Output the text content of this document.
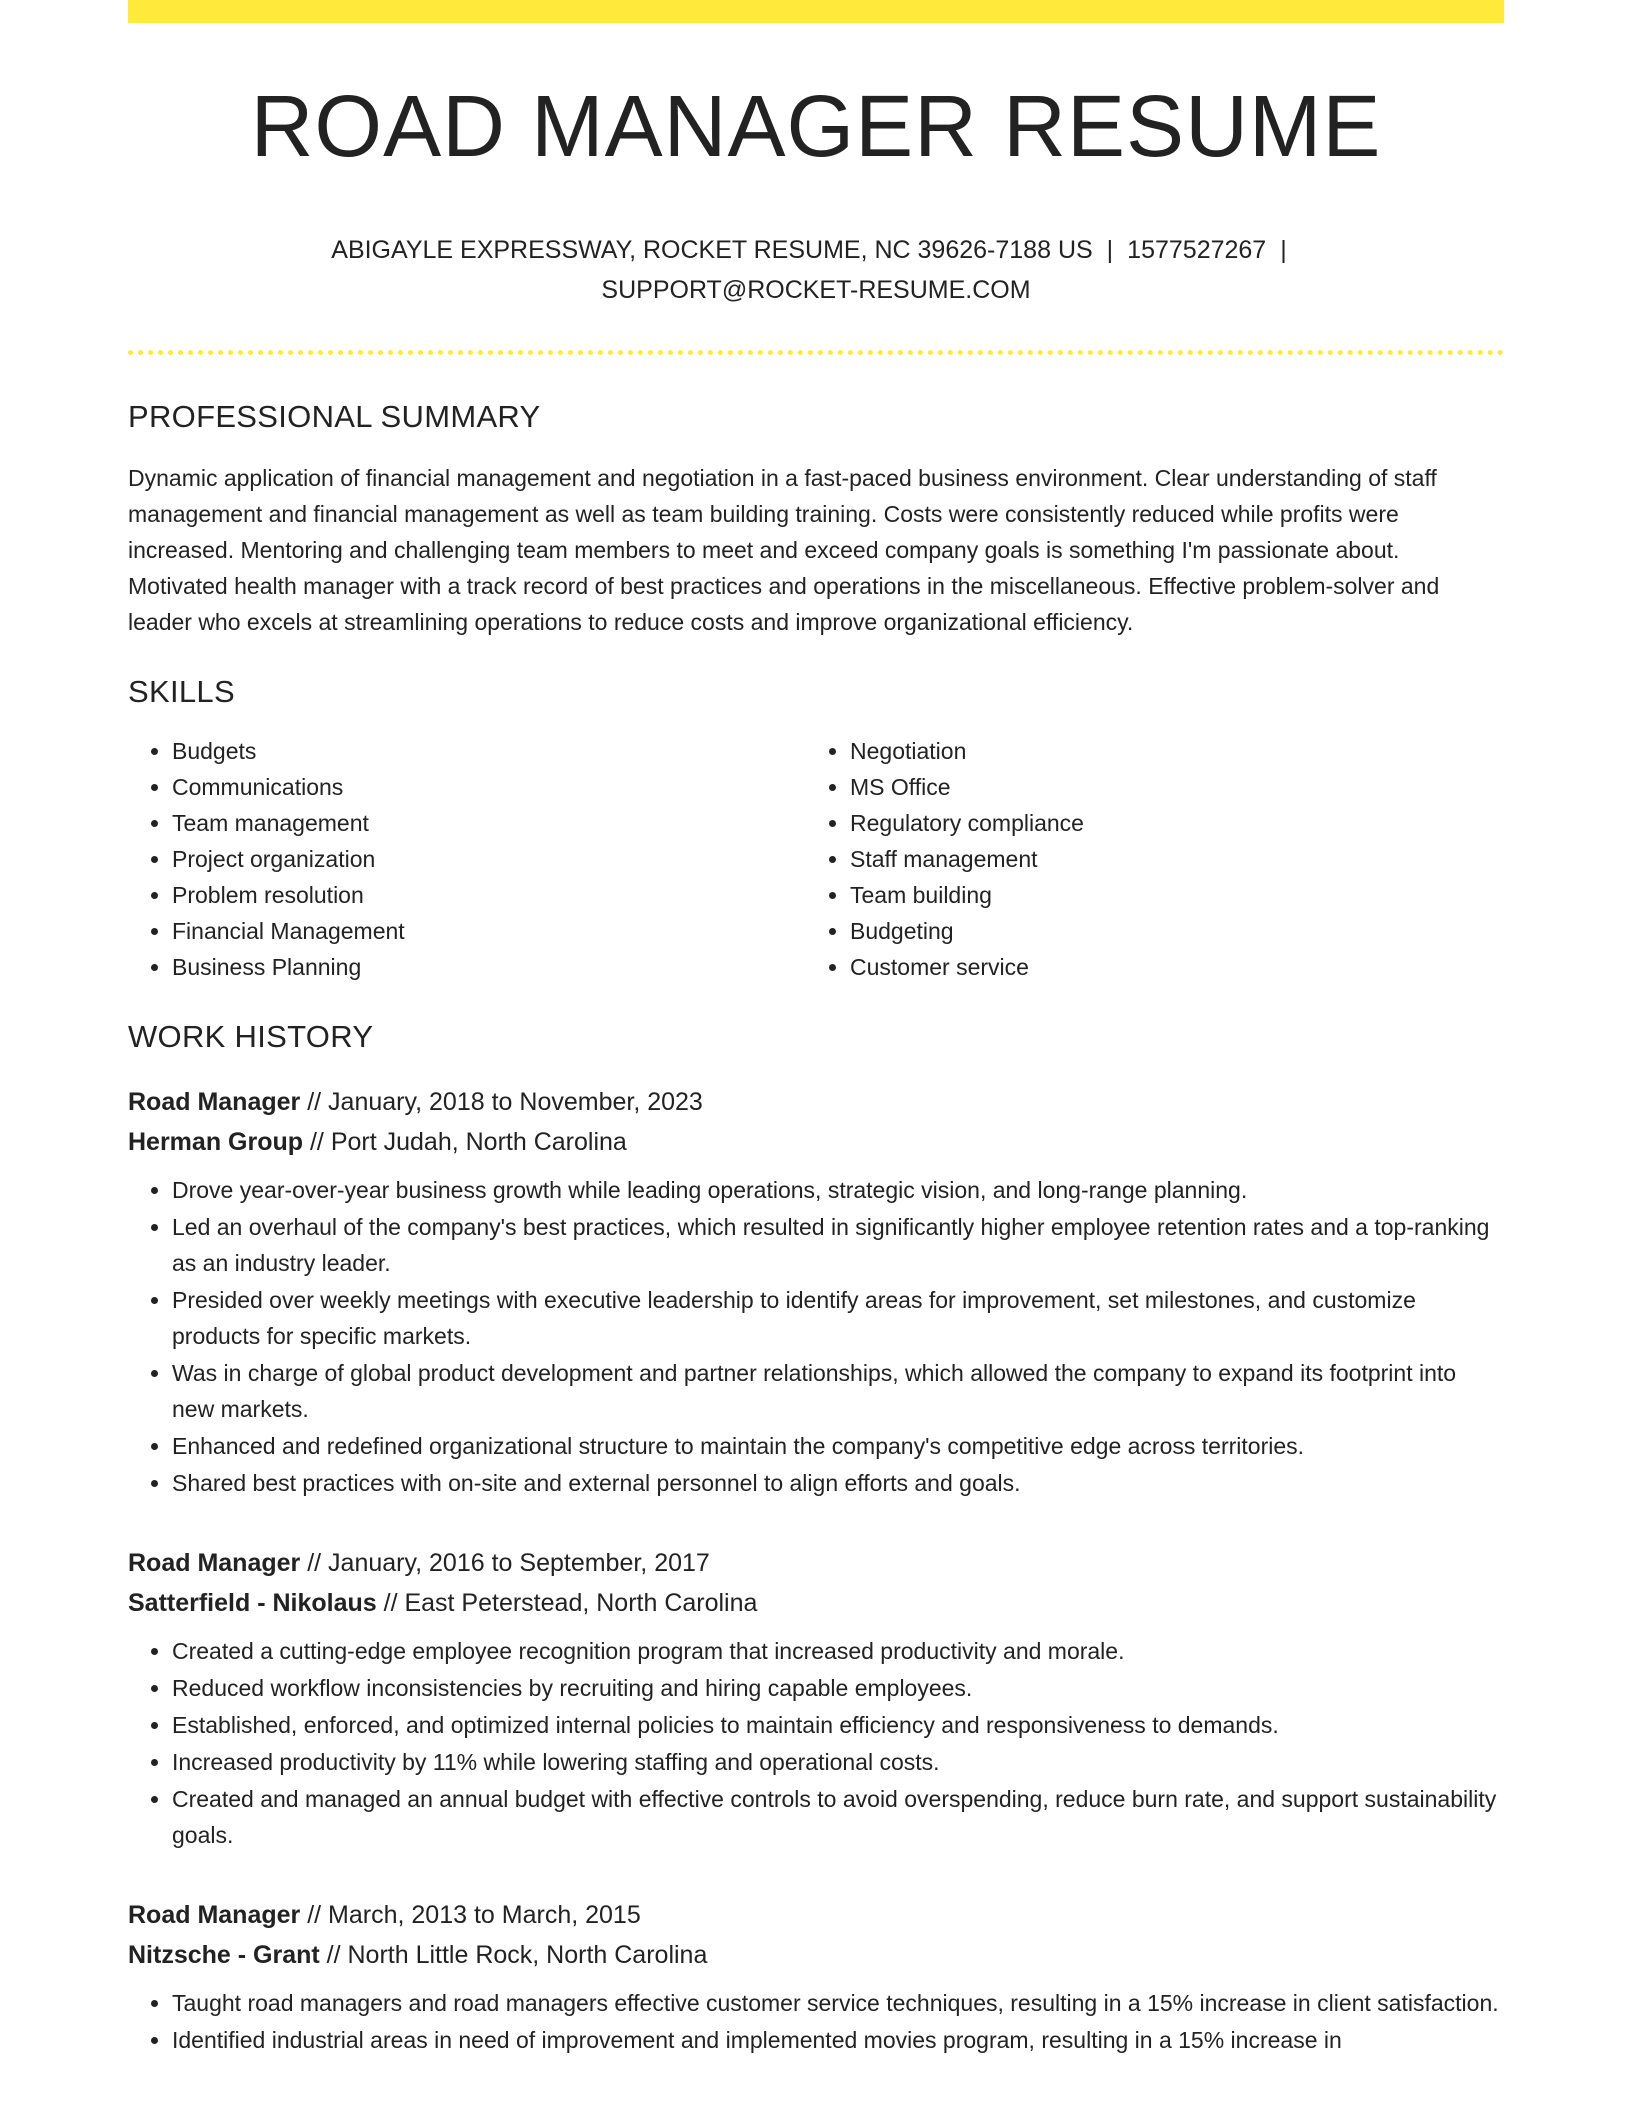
ROAD MANAGER RESUME
ABIGAYLE EXPRESSWAY, ROCKET RESUME, NC 39626-7188 US | 1577527267 |
SUPPORT@ROCKET-RESUME.COM
PROFESSIONAL SUMMARY
Dynamic application of financial management and negotiation in a fast-paced business environment. Clear understanding of staff management and financial management as well as team building training. Costs were consistently reduced while profits were increased. Mentoring and challenging team members to meet and exceed company goals is something I'm passionate about. Motivated health manager with a track record of best practices and operations in the miscellaneous. Effective problem-solver and leader who excels at streamlining operations to reduce costs and improve organizational efficiency.
SKILLS
• Budgets
• Communications
• Team management
• Project organization
• Problem resolution
• Financial Management
• Business Planning
• Negotiation
• MS Office
• Regulatory compliance
• Staff management
• Team building
• Budgeting
• Customer service
WORK HISTORY
Road Manager // January, 2018 to November, 2023
Herman Group // Port Judah, North Carolina
• Drove year-over-year business growth while leading operations, strategic vision, and long-range planning.
• Led an overhaul of the company's best practices, which resulted in significantly higher employee retention rates and a top-ranking as an industry leader.
• Presided over weekly meetings with executive leadership to identify areas for improvement, set milestones, and customize products for specific markets.
• Was in charge of global product development and partner relationships, which allowed the company to expand its footprint into new markets.
• Enhanced and redefined organizational structure to maintain the company's competitive edge across territories.
• Shared best practices with on-site and external personnel to align efforts and goals.
Road Manager // January, 2016 to September, 2017
Satterfield - Nikolaus // East Peterstead, North Carolina
• Created a cutting-edge employee recognition program that increased productivity and morale.
• Reduced workflow inconsistencies by recruiting and hiring capable employees.
• Established, enforced, and optimized internal policies to maintain efficiency and responsiveness to demands.
• Increased productivity by 11% while lowering staffing and operational costs.
• Created and managed an annual budget with effective controls to avoid overspending, reduce burn rate, and support sustainability goals.
Road Manager // March, 2013 to March, 2015
Nitzsche - Grant // North Little Rock, North Carolina
• Taught road managers and road managers effective customer service techniques, resulting in a 15% increase in client satisfaction.
• Identified industrial areas in need of improvement and implemented movies program, resulting in a 15% increase in
